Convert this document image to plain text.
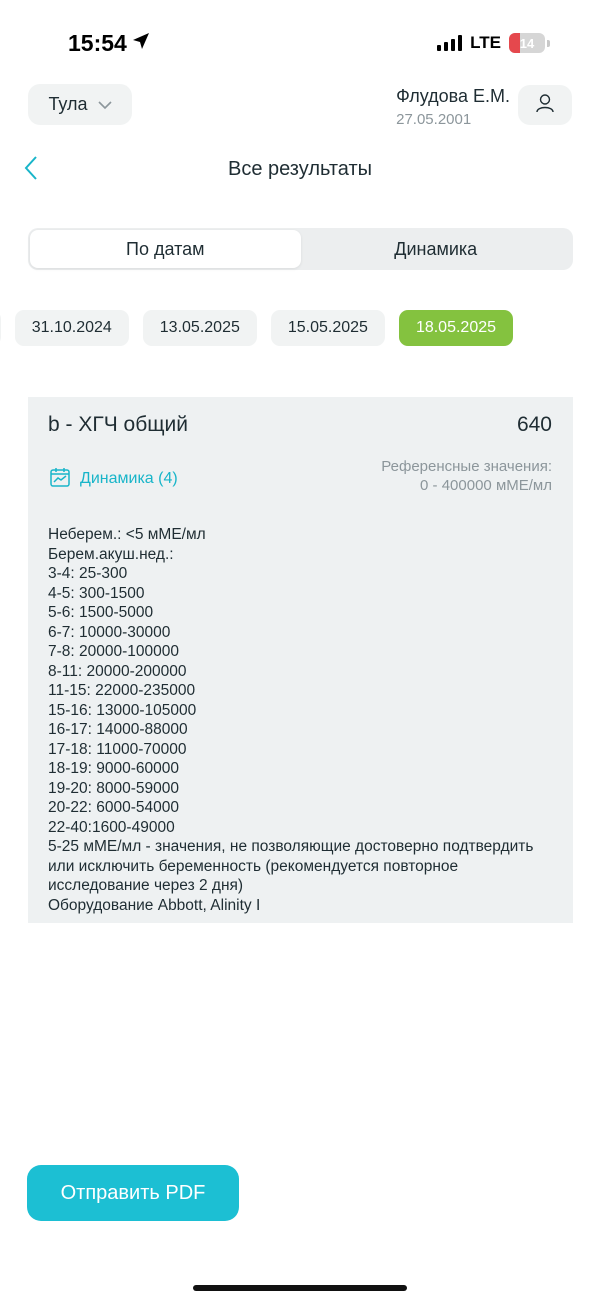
15:54	LTE	14
Тула	Флудова Е.М.
27.05.2001
Все результаты
По датам	Динамика
31.10.2024	13.05.2025	15.05.2025	18.05.2025
b - ХГЧ общий	640
Динамика (4)
Референсные значения:
0 - 400000 мМЕ/мл
Неберем.: <5 мМЕ/мл
Берем.акуш.нед.:
3-4: 25-300
4-5: 300-1500
5-6: 1500-5000
6-7: 10000-30000
7-8: 20000-100000
8-11: 20000-200000
11-15: 22000-235000
15-16: 13000-105000
16-17: 14000-88000
17-18: 11000-70000
18-19: 9000-60000
19-20: 8000-59000
20-22: 6000-54000
22-40:1600-49000
5-25 мМЕ/мл - значения, не позволяющие достоверно подтвердить или исключить беременность (рекомендуется повторное исследование через 2 дня)
Оборудование Abbott, Alinity I
Отправить PDF
